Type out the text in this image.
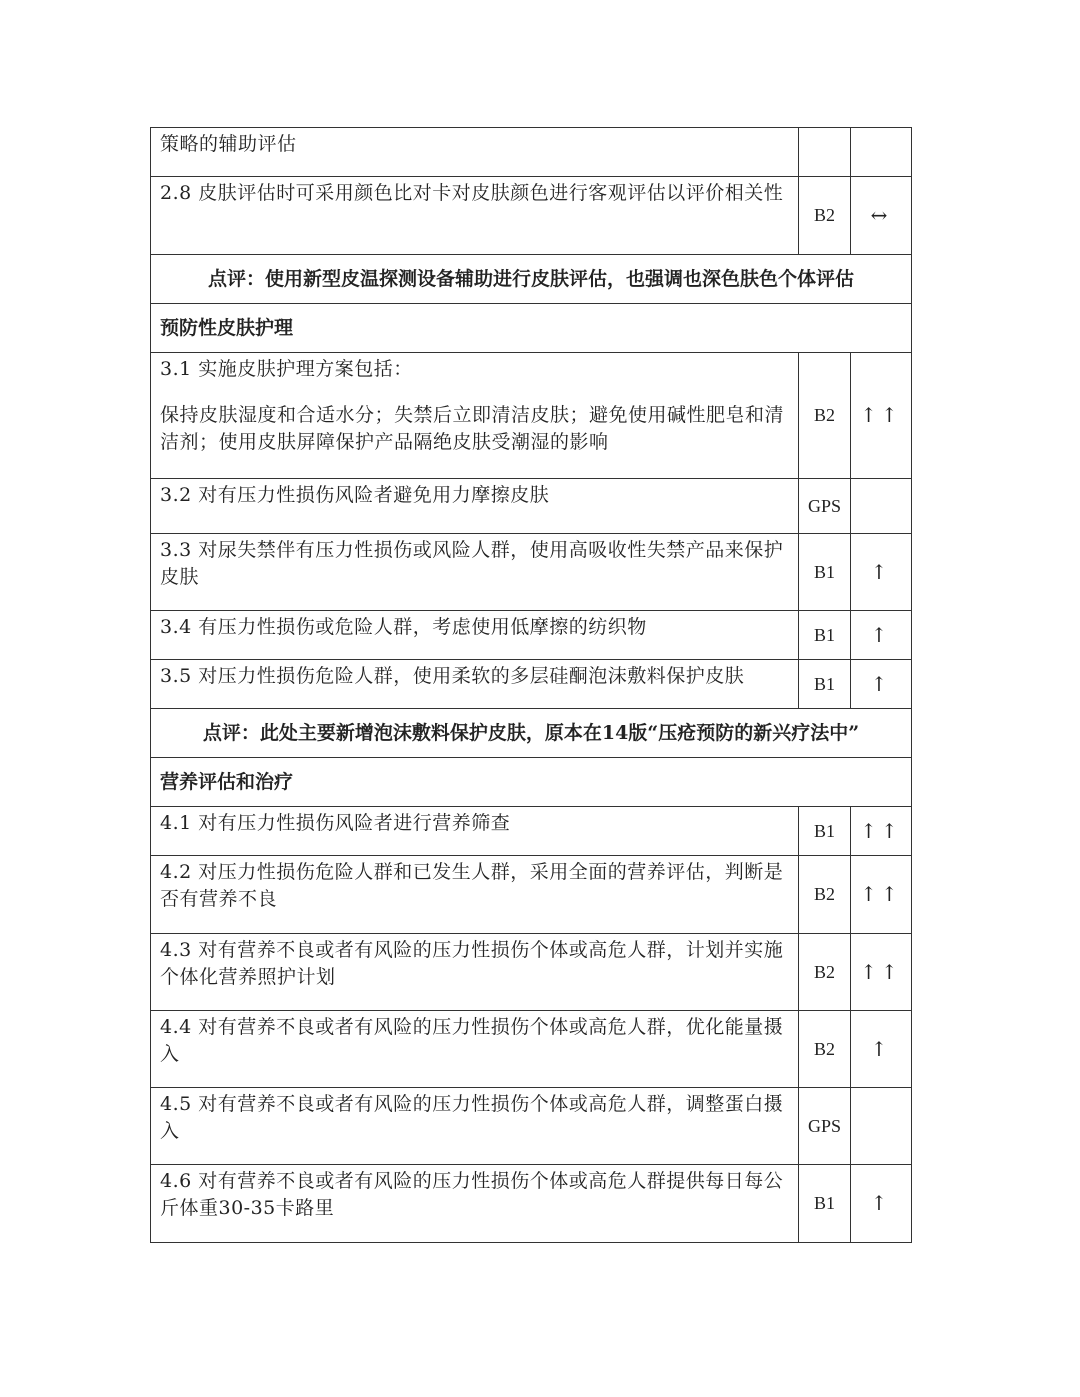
策略的辅助评估		
2.8 皮肤评估时可采用颜色比对卡对皮肤颜色进行客观评估以评价相关性	B2	↔
点评：使用新型皮温探测设备辅助进行皮肤评估，也强调也深色肤色个体评估		
预防性皮肤护理		

3.1 实施皮肤护理方案包括：
保持皮肤湿度和合适水分；失禁后立即清洁皮肤；避免使用碱性肥皂和清洁剂；使用皮肤屏障保护产品隔绝皮肤受潮湿的影响	B2	↑↑
3.2 对有压力性损伤风险者避免用力摩擦皮肤	GPS	
3.3 对尿失禁伴有压力性损伤或风险人群，使用高吸收性失禁产品来保护皮肤	B1	↑
3.4 有压力性损伤或危险人群，考虑使用低摩擦的纺织物	B1	↑
3.5 对压力性损伤危险人群，使用柔软的多层硅酮泡沫敷料保护皮肤	B1	↑
点评：此处主要新增泡沫敷料保护皮肤，原本在14版“压疮预防的新兴疗法中”		
营养评估和治疗		
4.1 对有压力性损伤风险者进行营养筛查	B1	↑↑
4.2 对压力性损伤危险人群和已发生人群，采用全面的营养评估，判断是否有营养不良	B2	↑↑
4.3 对有营养不良或者有风险的压力性损伤个体或高危人群，计划并实施个体化营养照护计划	B2	↑↑
4.4 对有营养不良或者有风险的压力性损伤个体或高危人群，优化能量摄入	B2	↑
4.5 对有营养不良或者有风险的压力性损伤个体或高危人群，调整蛋白摄入	GPS	
4.6 对有营养不良或者有风险的压力性损伤个体或高危人群提供每日每公斤体重30-35卡路里	B1	↑
